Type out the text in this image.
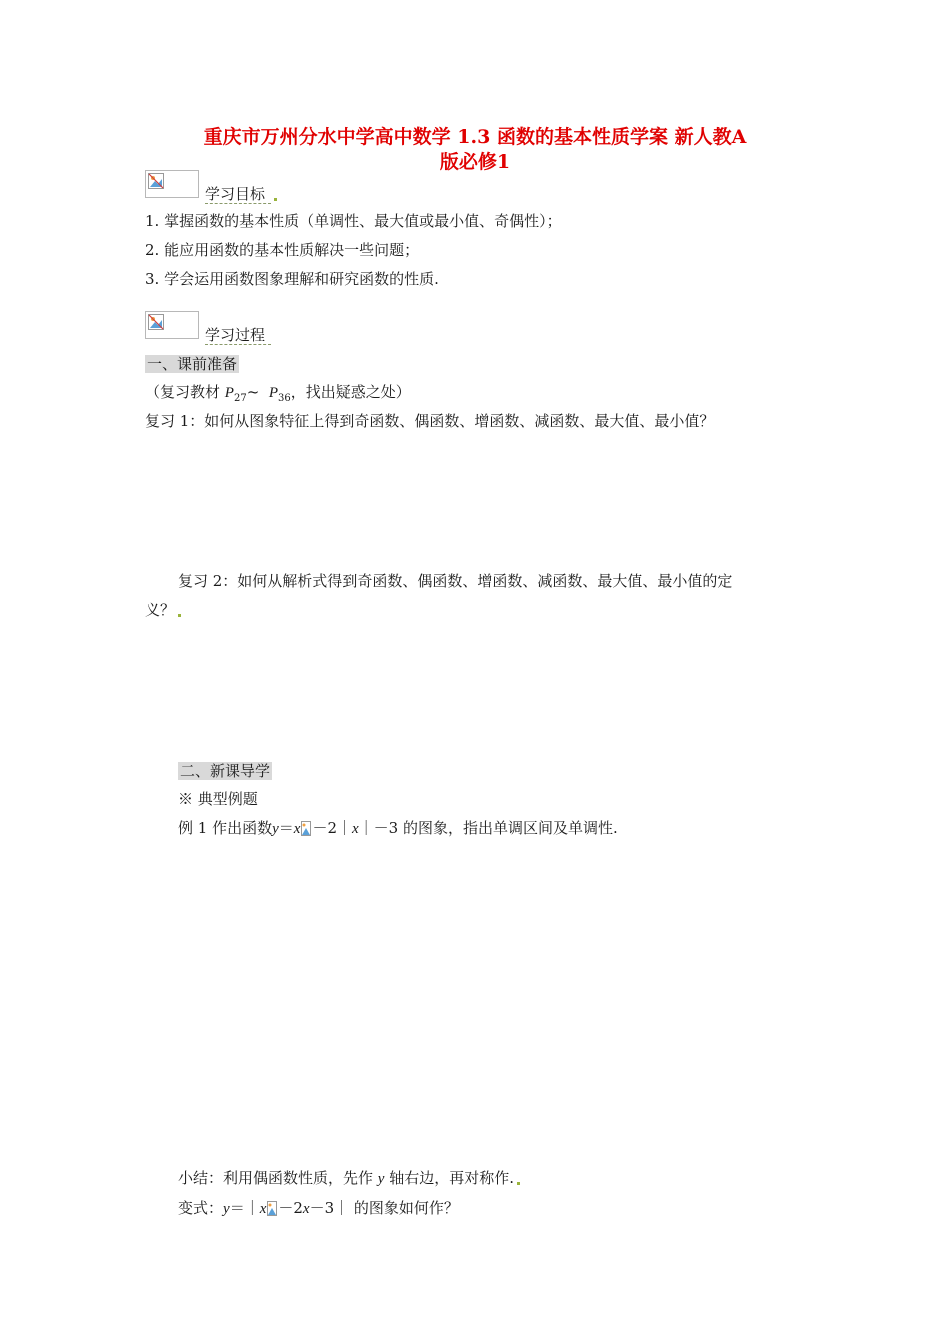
重庆市万州分水中学高中数学 1.3 函数的基本性质学案 新人教A
版必修1
学习目标
1. 掌握函数的基本性质（单调性、最大值或最小值、奇偶性）；
2. 能应用函数的基本性质解决一些问题；
3. 学会运用函数图象理解和研究函数的性质.
学习过程
一、课前准备
（复习教材 $P_{27}\sim$ $P_{36}$，找出疑惑之处）
复习 1：如何从图象特征上得到奇函数、偶函数、增函数、减函数、最大值、最小值？
复习 2：如何从解析式得到奇函数、偶函数、增函数、减函数、最大值、最小值的定
义？
二、新课导学
※ 典型例题
例 1 作出函数y＝x －2｜x｜－3 的图象，指出单调区间及单调性.
小结：利用偶函数性质，先作 y 轴右边，再对称作.
变式：y＝｜x －2x－3｜ 的图象如何作？
